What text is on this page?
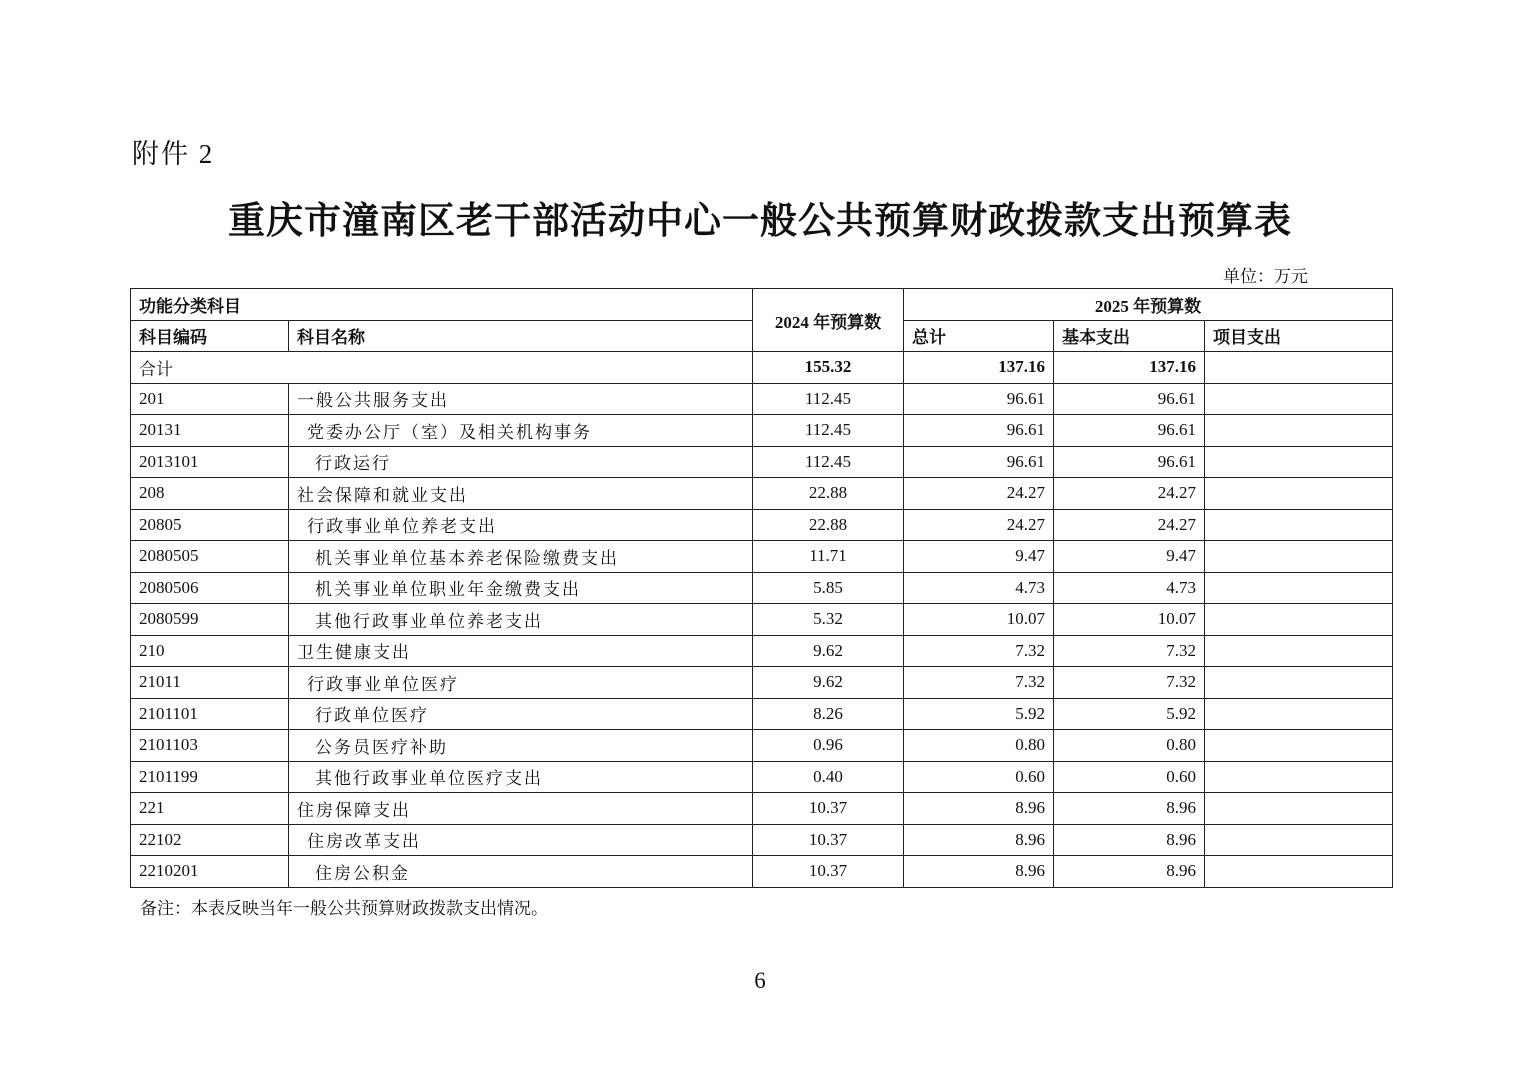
附件 2
重庆市潼南区老干部活动中心一般公共预算财政拨款支出预算表
单位：万元
功能分类科目		2024 年预算数	2025 年预算数		
科目编码	科目名称		总计	基本支出	项目支出
合计		155.32	137.16	137.16	
201	一般公共服务支出	112.45	96.61	96.61	
20131	党委办公厅（室）及相关机构事务	112.45	96.61	96.61	
2013101	行政运行	112.45	96.61	96.61	
208	社会保障和就业支出	22.88	24.27	24.27	
20805	行政事业单位养老支出	22.88	24.27	24.27	
2080505	机关事业单位基本养老保险缴费支出	11.71	9.47	9.47	
2080506	机关事业单位职业年金缴费支出	5.85	4.73	4.73	
2080599	其他行政事业单位养老支出	5.32	10.07	10.07	
210	卫生健康支出	9.62	7.32	7.32	
21011	行政事业单位医疗	9.62	7.32	7.32	
2101101	行政单位医疗	8.26	5.92	5.92	
2101103	公务员医疗补助	0.96	0.80	0.80	
2101199	其他行政事业单位医疗支出	0.40	0.60	0.60	
221	住房保障支出	10.37	8.96	8.96	
22102	住房改革支出	10.37	8.96	8.96	
2210201	住房公积金	10.37	8.96	8.96	
备注：本表反映当年一般公共预算财政拨款支出情况。
6
